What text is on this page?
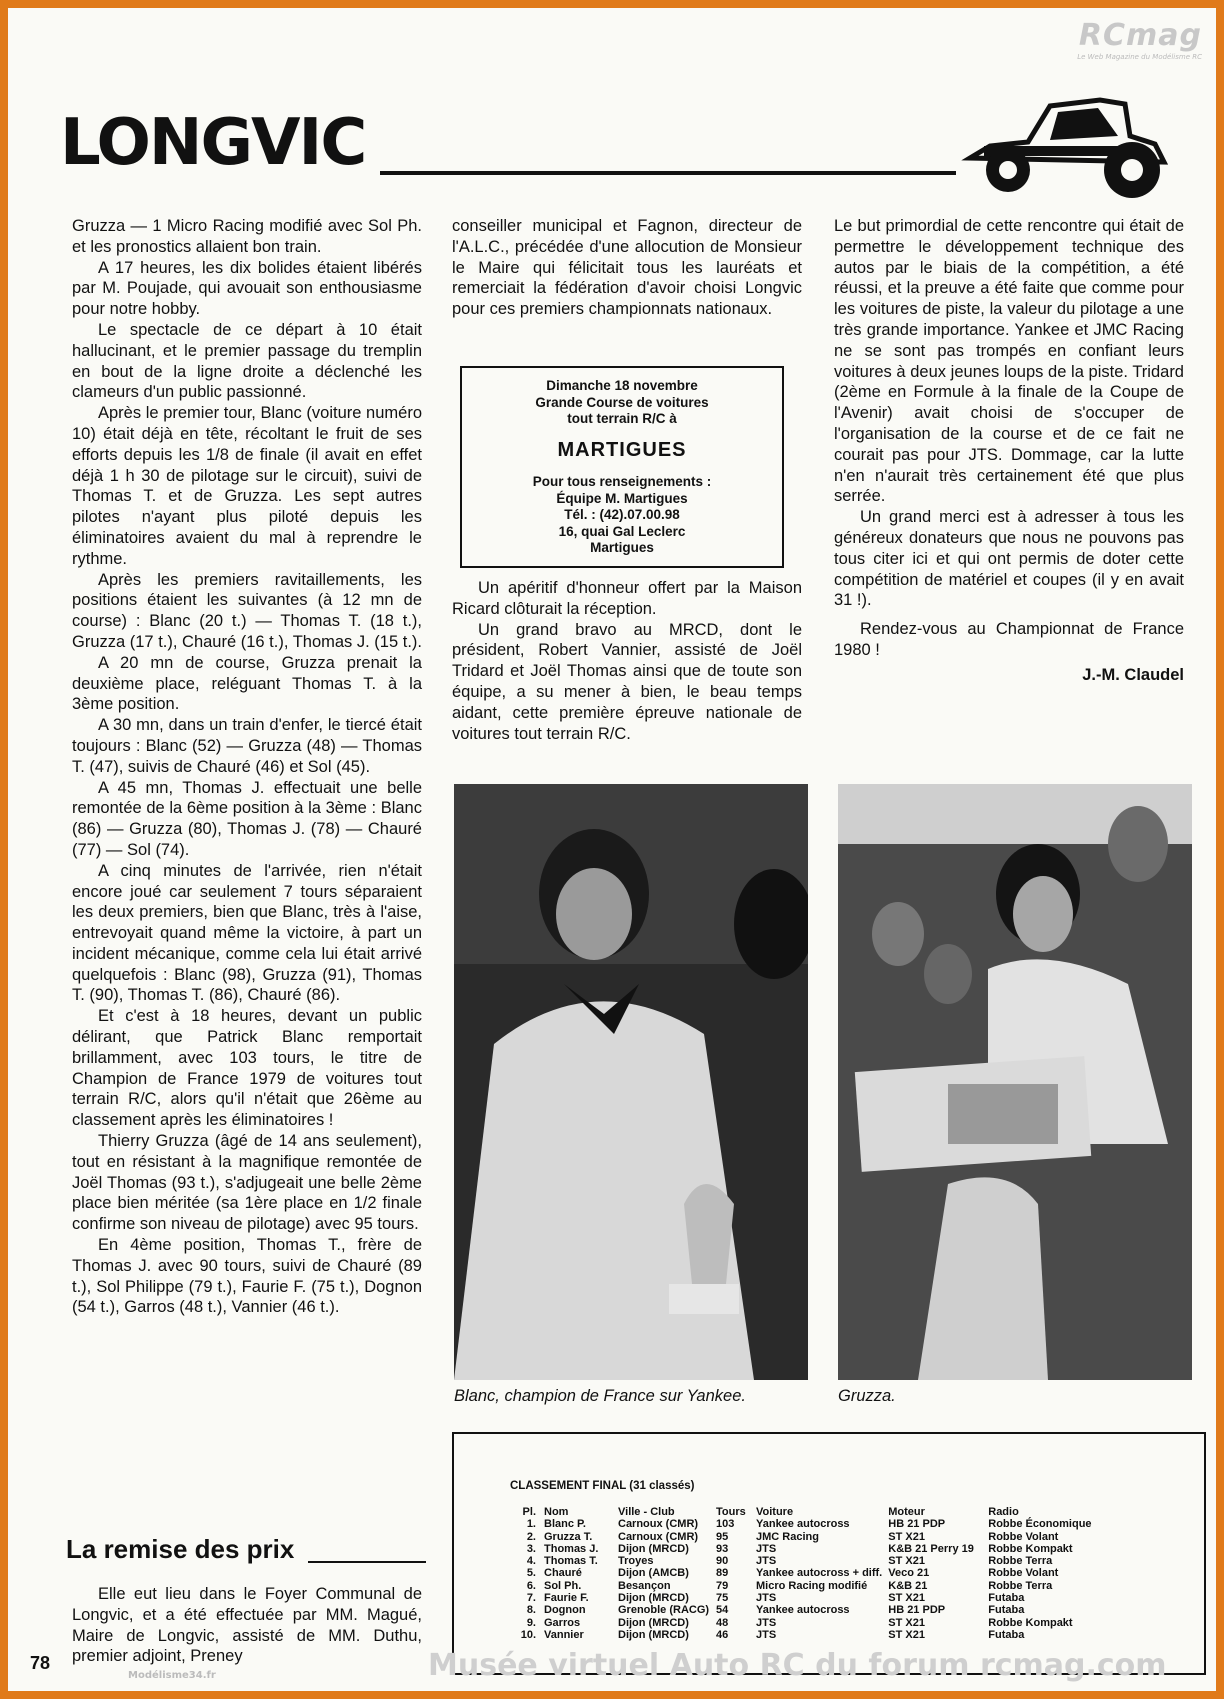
RCmag
Le Web Magazine du Modélisme RC
LONGVIC

Gruzza — 1 Micro Racing modifié avec Sol Ph. et les pronostics allaient bon train.

A 17 heures, les dix bolides étaient libérés par M. Poujade, qui avouait son enthousiasme pour notre hobby.

Le spectacle de ce départ à 10 était hallucinant, et le premier passage du tremplin en bout de la ligne droite a déclenché les clameurs d'un public passionné.

Après le premier tour, Blanc (voiture numéro 10) était déjà en tête, récoltant le fruit de ses efforts depuis les 1/8 de finale (il avait en effet déjà 1 h 30 de pilotage sur le circuit), suivi de Thomas T. et de Gruzza. Les sept autres pilotes n'ayant plus piloté depuis les éliminatoires avaient du mal à reprendre le rythme.

Après les premiers ravitaillements, les positions étaient les suivantes (à 12 mn de course) : Blanc (20 t.) — Thomas T. (18 t.), Gruzza (17 t.), Chauré (16 t.), Thomas J. (15 t.).

A 20 mn de course, Gruzza prenait la deuxième place, reléguant Thomas T. à la 3ème position.

A 30 mn, dans un train d'enfer, le tiercé était toujours : Blanc (52) — Gruzza (48) — Thomas T. (47), suivis de Chauré (46) et Sol (45).

A 45 mn, Thomas J. effectuait une belle remontée de la 6ème position à la 3ème : Blanc (86) — Gruzza (80), Thomas J. (78) — Chauré (77) — Sol (74).

A cinq minutes de l'arrivée, rien n'était encore joué car seulement 7 tours séparaient les deux premiers, bien que Blanc, très à l'aise, entrevoyait quand même la victoire, à part un incident mécanique, comme cela lui était arrivé quelquefois : Blanc (98), Gruzza (91), Thomas T. (90), Thomas T. (86), Chauré (86).

Et c'est à 18 heures, devant un public délirant, que Patrick Blanc remportait brillamment, avec 103 tours, le titre de Champion de France 1979 de voitures tout terrain R/C, alors qu'il n'était que 26ème au classement après les éliminatoires !

Thierry Gruzza (âgé de 14 ans seulement), tout en résistant à la magnifique remontée de Joël Thomas (93 t.), s'adjugeait une belle 2ème place bien méritée (sa 1ère place en 1/2 finale confirme son niveau de pilotage) avec 95 tours.

En 4ème position, Thomas T., frère de Thomas J. avec 90 tours, suivi de Chauré (89 t.), Sol Philippe (79 t.), Faurie F. (75 t.), Dognon (54 t.), Garros (48 t.), Vannier (46 t.).

La remise des prix

Elle eut lieu dans le Foyer Communal de Longvic, et a été effectuée par MM. Magué, Maire de Longvic, assisté de MM. Duthu, premier adjoint, Preney

conseiller municipal et Fagnon, directeur de l'A.L.C., précédée d'une allocution de Monsieur le Maire qui félicitait tous les lauréats et remerciait la fédération d'avoir choisi Longvic pour ces premiers championnats nationaux.

Dimanche 18 novembre
Grande Course de voitures
tout terrain R/C à
MARTIGUES
Pour tous renseignements :
Équipe M. Martigues
Tél. : (42).07.00.98
16, quai Gal Leclerc
Martigues

Un apéritif d'honneur offert par la Maison Ricard clôturait la réception.

Un grand bravo au MRCD, dont le président, Robert Vannier, assisté de Joël Tridard et Joël Thomas ainsi que de toute son équipe, a su mener à bien, le beau temps aidant, cette première épreuve nationale de voitures tout terrain R/C.

Le but primordial de cette rencontre qui était de permettre le développement technique des autos par le biais de la compétition, a été réussi, et la preuve a été faite que comme pour les voitures de piste, la valeur du pilotage a une très grande importance. Yankee et JMC Racing ne se sont pas trompés en confiant leurs voitures à deux jeunes loups de la piste. Tridard (2ème en Formule à la finale de la Coupe de l'Avenir) avait choisi de s'occuper de l'organisation de la course et de ce fait ne courait pas pour JTS. Dommage, car la lutte n'en n'aurait très certainement été que plus serrée.

Un grand merci est à adresser à tous les généreux donateurs que nous ne pouvons pas tous citer ici et qui ont permis de doter cette compétition de matériel et coupes (il y en avait 31 !).

Rendez-vous au Championnat de France 1980 !

J.-M. Claudel

Blanc, champion de France sur Yankee.	Gruzza.
CLASSEMENT FINAL (31 classés)
Pl.	Nom	Ville - Club	Tours	Voiture	Moteur	Radio
1.	Blanc P.	Carnoux (CMR)	103	Yankee autocross	HB 21 PDP	Robbe Économique
2.	Gruzza T.	Carnoux (CMR)	95	JMC Racing	ST X21	Robbe Volant
3.	Thomas J.	Dijon (MRCD)	93	JTS	K&B 21 Perry 19	Robbe Kompakt
4.	Thomas T.	Troyes	90	JTS	ST X21	Robbe Terra
5.	Chauré	Dijon (AMCB)	89	Yankee autocross + diff.	Veco 21	Robbe Volant
6.	Sol Ph.	Besançon	79	Micro Racing modifié	K&B 21	Robbe Terra
7.	Faurie F.	Dijon (MRCD)	75	JTS	ST X21	Futaba
8.	Dognon	Grenoble (RACG)	54	Yankee autocross	HB 21 PDP	Futaba
9.	Garros	Dijon (MRCD)	48	JTS	ST X21	Robbe Kompakt
10.	Vannier	Dijon (MRCD)	46	JTS	ST X21	Futaba
78
Modélisme34.fr	Musée virtuel Auto RC du forum rcmag.com
